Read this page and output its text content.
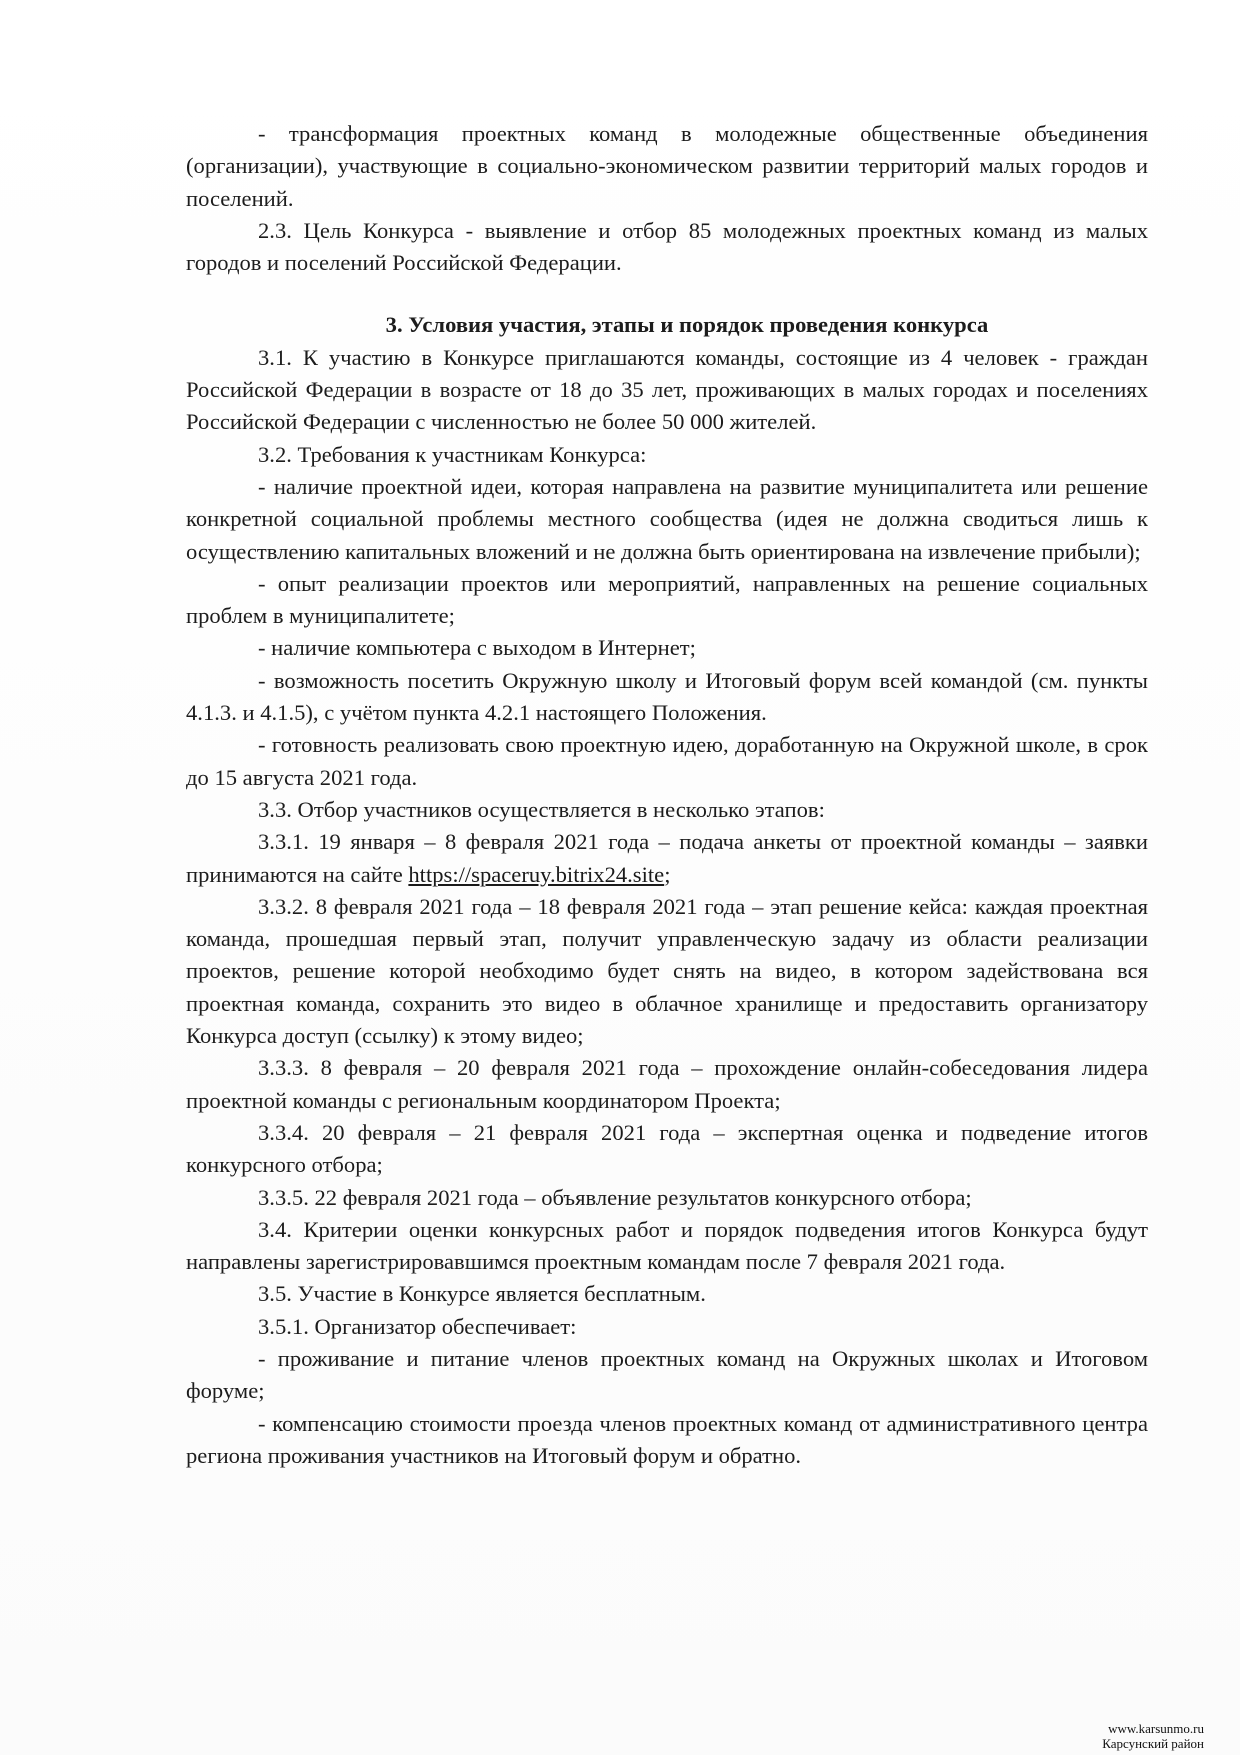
- трансформация проектных команд в молодежные общественные объединения (организации), участвующие в социально-экономическом развитии территорий малых городов и поселений.

2.3. Цель Конкурса - выявление и отбор 85 молодежных проектных команд из малых городов и поселений Российской Федерации.

3. Условия участия, этапы и порядок проведения конкурса

3.1. К участию в Конкурсе приглашаются команды, состоящие из 4 человек - граждан Российской Федерации в возрасте от 18 до 35 лет, проживающих в малых городах и поселениях Российской Федерации с численностью не более 50 000 жителей.

3.2. Требования к участникам Конкурса:

- наличие проектной идеи, которая направлена на развитие муниципалитета или решение конкретной социальной проблемы местного сообщества (идея не должна сводиться лишь к осуществлению капитальных вложений и не должна быть ориентирована на извлечение прибыли);

- опыт реализации проектов или мероприятий, направленных на решение социальных проблем в муниципалитете;

- наличие компьютера с выходом в Интернет;

- возможность посетить Окружную школу и Итоговый форум всей командой (см. пункты 4.1.3. и 4.1.5), с учётом пункта 4.2.1 настоящего Положения.

- готовность реализовать свою проектную идею, доработанную на Окружной школе, в срок до 15 августа 2021 года.

3.3. Отбор участников осуществляется в несколько этапов:

3.3.1. 19 января – 8 февраля 2021 года – подача анкеты от проектной команды – заявки принимаются на сайте https://spaceruy.bitrix24.site;

3.3.2. 8 февраля 2021 года – 18 февраля 2021 года – этап решение кейса: каждая проектная команда, прошедшая первый этап, получит управленческую задачу из области реализации проектов, решение которой необходимо будет снять на видео, в котором задействована вся проектная команда, сохранить это видео в облачное хранилище и предоставить организатору Конкурса доступ (ссылку) к этому видео;

3.3.3. 8 февраля – 20 февраля 2021 года – прохождение онлайн-собеседования лидера проектной команды с региональным координатором Проекта;

3.3.4. 20 февраля – 21 февраля 2021 года – экспертная оценка и подведение итогов конкурсного отбора;

3.3.5. 22 февраля 2021 года – объявление результатов конкурсного отбора;

3.4. Критерии оценки конкурсных работ и порядок подведения итогов Конкурса будут направлены зарегистрировавшимся проектным командам после 7 февраля 2021 года.

3.5. Участие в Конкурсе является бесплатным.

3.5.1. Организатор обеспечивает:

- проживание и питание членов проектных команд на Окружных школах и Итоговом форуме;

- компенсацию стоимости проезда членов проектных команд от административного центра региона проживания участников на Итоговый форум и обратно.

www.karsunmo.ru
Карсунский район
